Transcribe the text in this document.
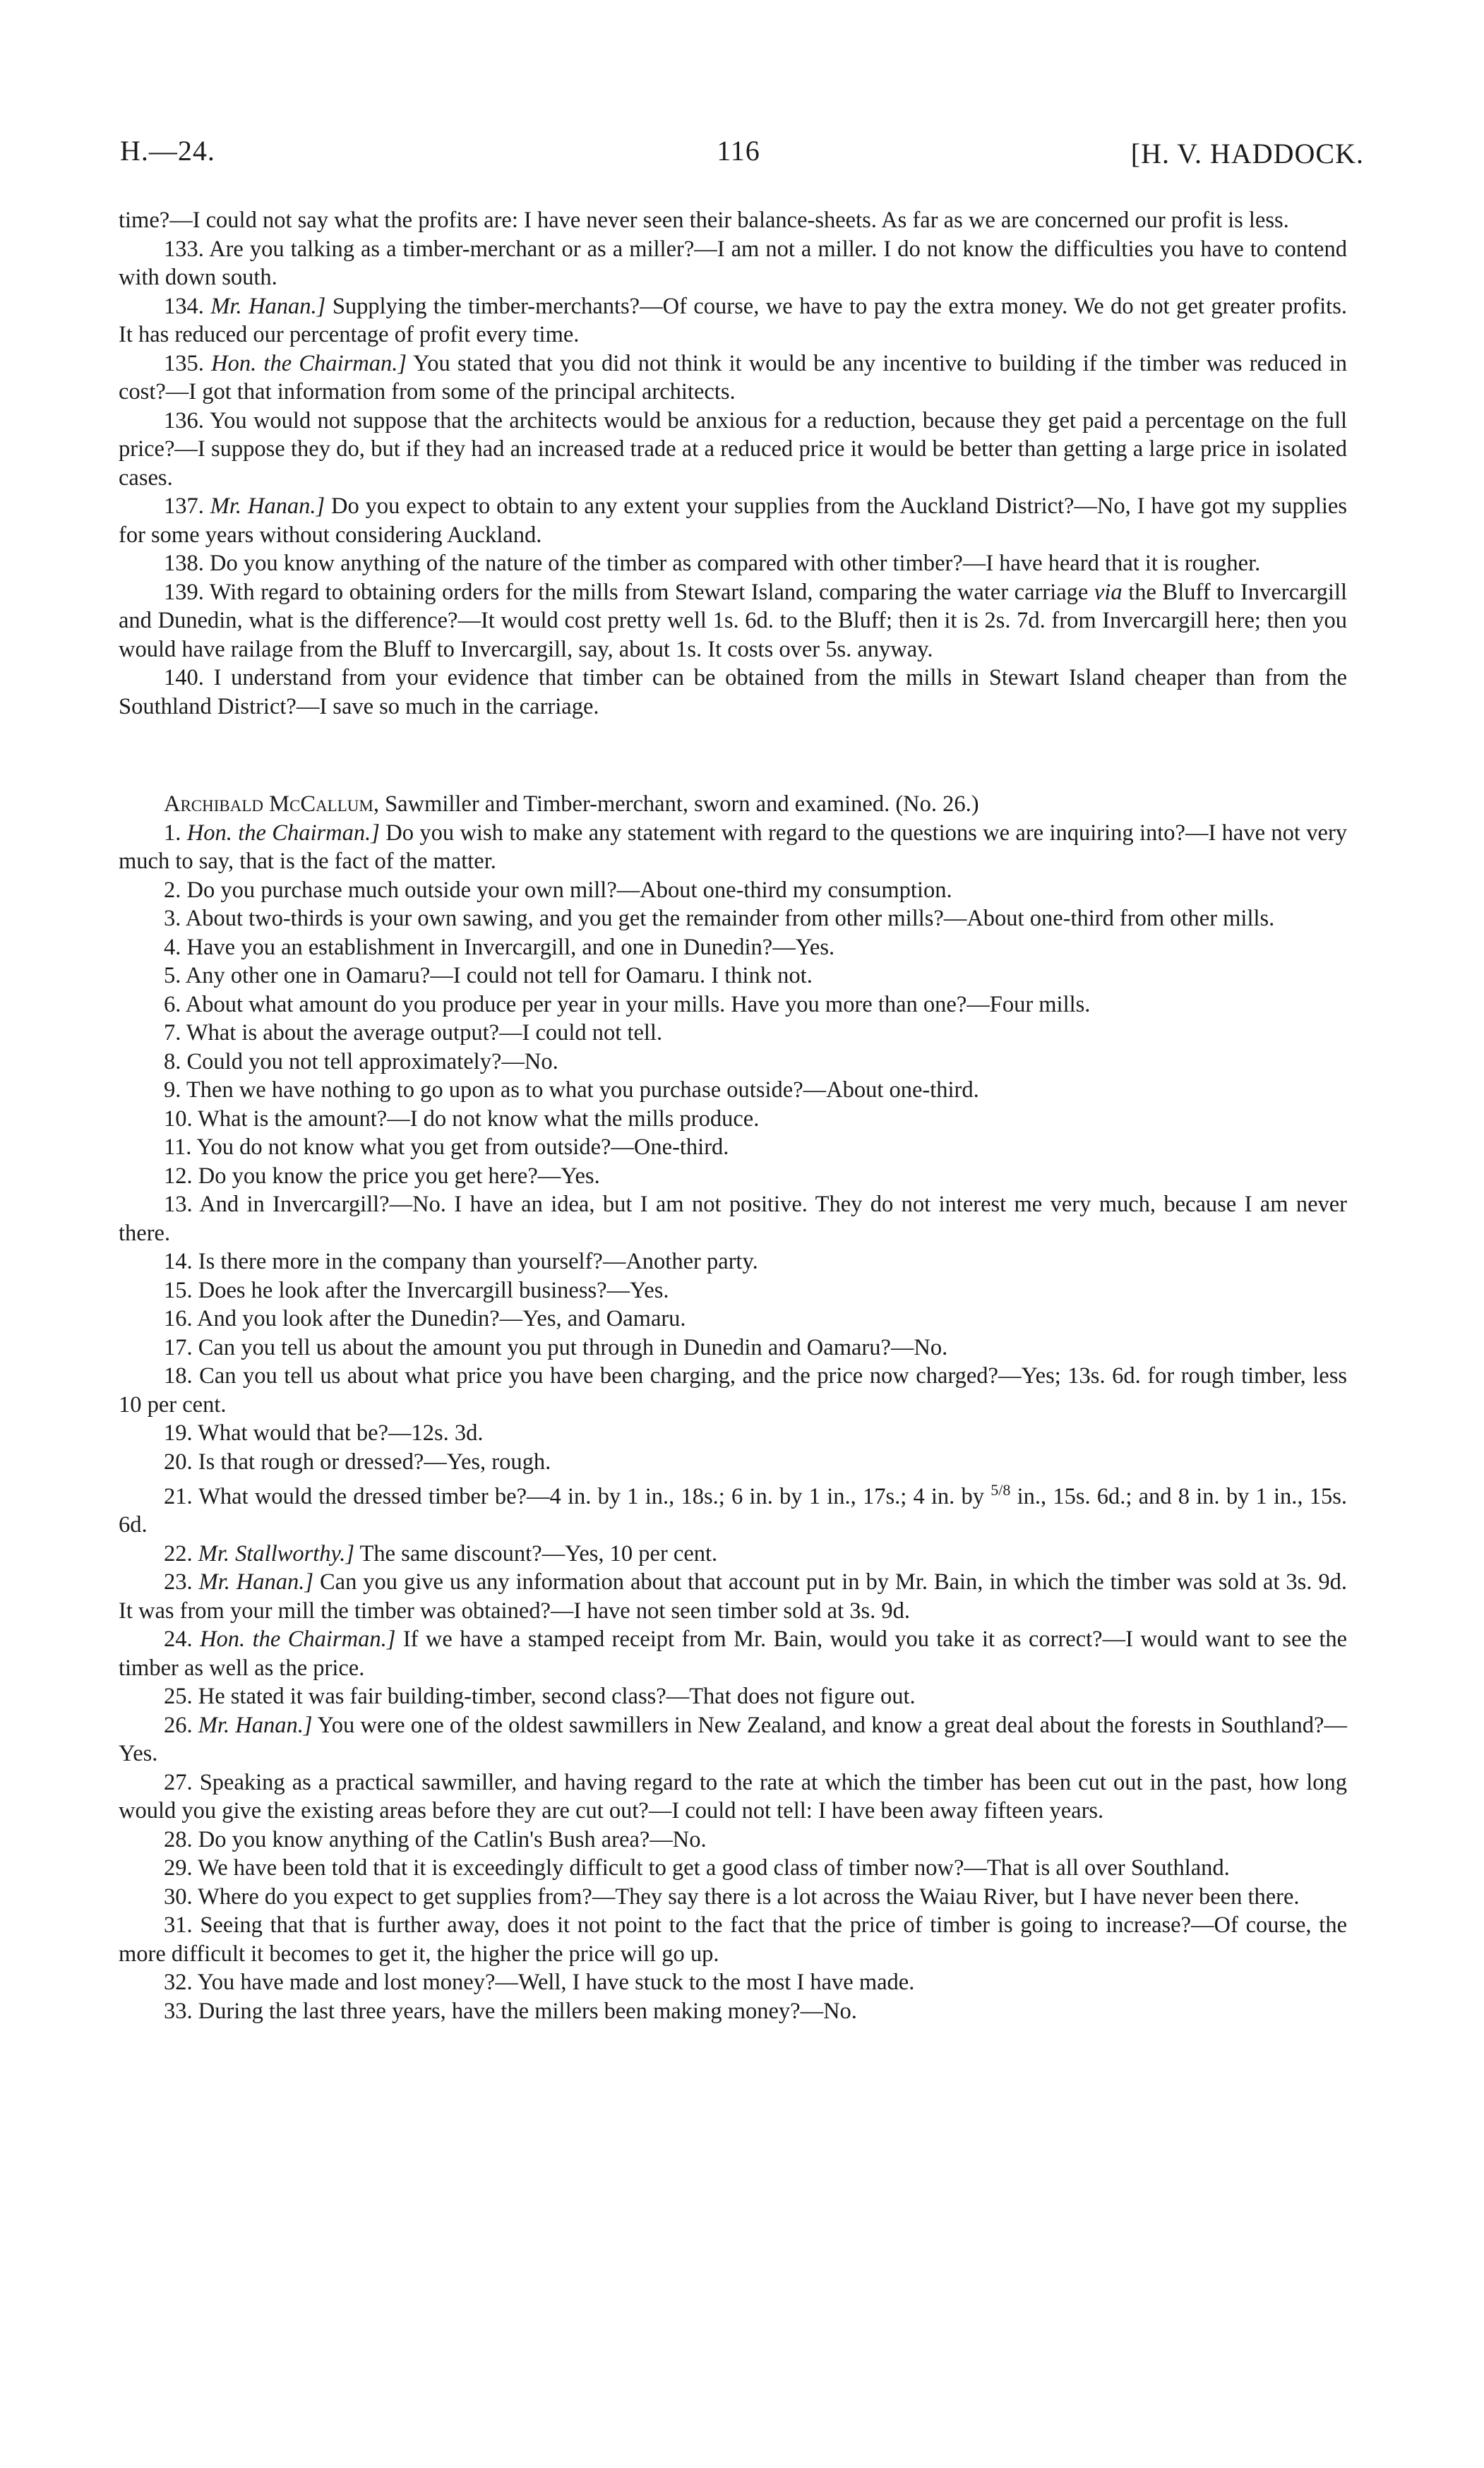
H.—24.	116	[H. V. HADDOCK.

time?—I could not say what the profits are: I have never seen their balance-sheets. As far as we are concerned our profit is less.

133. Are you talking as a timber-merchant or as a miller?—I am not a miller. I do not know the difficulties you have to contend with down south.

134. Mr. Hanan.] Supplying the timber-merchants?—Of course, we have to pay the extra money. We do not get greater profits. It has reduced our percentage of profit every time.

135. Hon. the Chairman.] You stated that you did not think it would be any incentive to building if the timber was reduced in cost?—I got that information from some of the principal architects.

136. You would not suppose that the architects would be anxious for a reduction, because they get paid a percentage on the full price?—I suppose they do, but if they had an increased trade at a reduced price it would be better than getting a large price in isolated cases.

137. Mr. Hanan.] Do you expect to obtain to any extent your supplies from the Auckland District?—No, I have got my supplies for some years without considering Auckland.

138. Do you know anything of the nature of the timber as compared with other timber?—I have heard that it is rougher.

139. With regard to obtaining orders for the mills from Stewart Island, comparing the water carriage via the Bluff to Invercargill and Dunedin, what is the difference?—It would cost pretty well 1s. 6d. to the Bluff; then it is 2s. 7d. from Invercargill here; then you would have railage from the Bluff to Invercargill, say, about 1s. It costs over 5s. anyway.

140. I understand from your evidence that timber can be obtained from the mills in Stewart Island cheaper than from the Southland District?—I save so much in the carriage.

Archibald McCallum, Sawmiller and Timber-merchant, sworn and examined. (No. 26.)

1. Hon. the Chairman.] Do you wish to make any statement with regard to the questions we are inquiring into?—I have not very much to say, that is the fact of the matter.

2. Do you purchase much outside your own mill?—About one-third my consumption.

3. About two-thirds is your own sawing, and you get the remainder from other mills?—About one-third from other mills.

4. Have you an establishment in Invercargill, and one in Dunedin?—Yes.

5. Any other one in Oamaru?—I could not tell for Oamaru. I think not.

6. About what amount do you produce per year in your mills. Have you more than one?—Four mills.

7. What is about the average output?—I could not tell.

8. Could you not tell approximately?—No.

9. Then we have nothing to go upon as to what you purchase outside?—About one-third.

10. What is the amount?—I do not know what the mills produce.

11. You do not know what you get from outside?—One-third.

12. Do you know the price you get here?—Yes.

13. And in Invercargill?—No. I have an idea, but I am not positive. They do not interest me very much, because I am never there.

14. Is there more in the company than yourself?—Another party.

15. Does he look after the Invercargill business?—Yes.

16. And you look after the Dunedin?—Yes, and Oamaru.

17. Can you tell us about the amount you put through in Dunedin and Oamaru?—No.

18. Can you tell us about what price you have been charging, and the price now charged?—Yes; 13s. 6d. for rough timber, less 10 per cent.

19. What would that be?—12s. 3d.

20. Is that rough or dressed?—Yes, rough.

21. What would the dressed timber be?—4 in. by 1 in., 18s.; 6 in. by 1 in., 17s.; 4 in. by $^{5/8}$ in., 15s. 6d.; and 8 in. by 1 in., 15s. 6d.

22. Mr. Stallworthy.] The same discount?—Yes, 10 per cent.

23. Mr. Hanan.] Can you give us any information about that account put in by Mr. Bain, in which the timber was sold at 3s. 9d. It was from your mill the timber was obtained?—I have not seen timber sold at 3s. 9d.

24. Hon. the Chairman.] If we have a stamped receipt from Mr. Bain, would you take it as correct?—I would want to see the timber as well as the price.

25. He stated it was fair building-timber, second class?—That does not figure out.

26. Mr. Hanan.] You were one of the oldest sawmillers in New Zealand, and know a great deal about the forests in Southland?—Yes.

27. Speaking as a practical sawmiller, and having regard to the rate at which the timber has been cut out in the past, how long would you give the existing areas before they are cut out?—I could not tell: I have been away fifteen years.

28. Do you know anything of the Catlin's Bush area?—No.

29. We have been told that it is exceedingly difficult to get a good class of timber now?—That is all over Southland.

30. Where do you expect to get supplies from?—They say there is a lot across the Waiau River, but I have never been there.

31. Seeing that that is further away, does it not point to the fact that the price of timber is going to increase?—Of course, the more difficult it becomes to get it, the higher the price will go up.

32. You have made and lost money?—Well, I have stuck to the most I have made.

33. During the last three years, have the millers been making money?—No.
